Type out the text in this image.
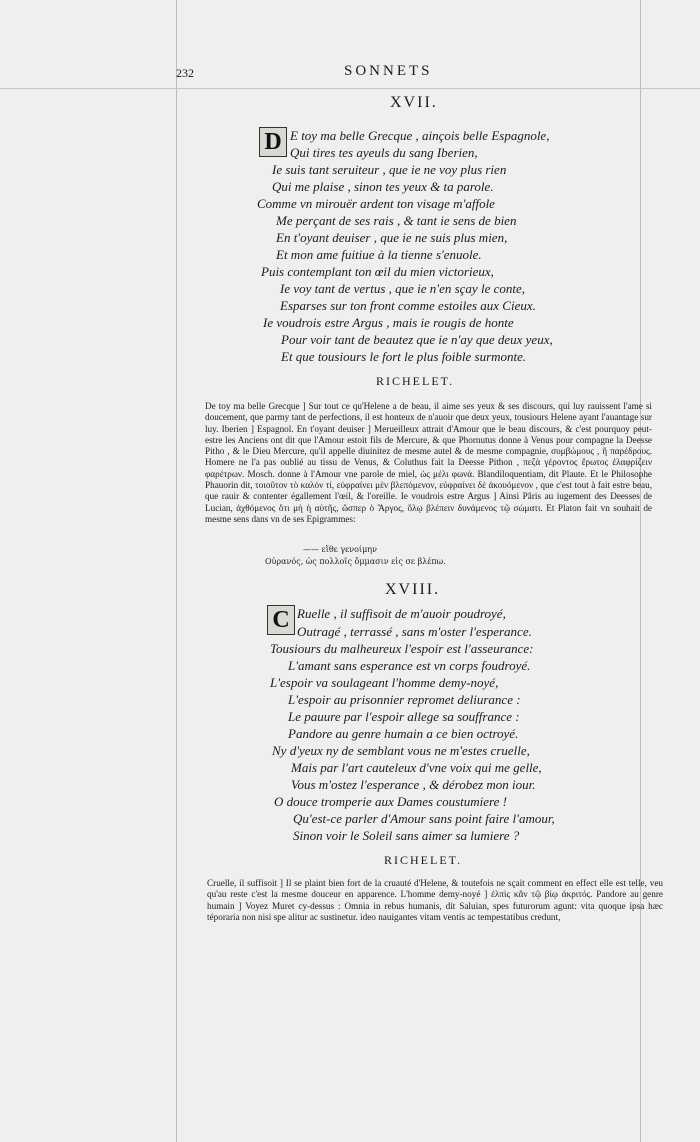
232	SONNETS
XVII.
D E toy ma belle Grecque , ainçois belle Espagnole,
Qui tires tes ayeuls du sang Iberien,
Ie suis tant seruiteur , que ie ne voy plus rien
Qui me plaise , sinon tes yeux & ta parole.
Comme vn mirouër ardent ton visage m'affole
Me perçant de ses rais , & tant ie sens de bien
En t'oyant deuiser , que ie ne suis plus mien,
Et mon ame fuitiue à la tienne s'enuole.
Puis contemplant ton œil du mien victorieux,
Ie voy tant de vertus , que ie n'en sçay le conte,
Esparses sur ton front comme estoiles aux Cieux.
Ie voudrois estre Argus , mais ie rougis de honte
Pour voir tant de beautez que ie n'ay que deux yeux,
Et que tousiours le fort le plus foible surmonte.
RICHELET.

De toy ma belle Grecque ] Sur tout ce qu'Helene a de beau, il aime ses yeux & ses discours, qui luy rauissent l'ame si doucement, que parmy tant de perfections, il est honteux de n'auoir que deux yeux, tousiours Helene ayant l'auantage sur luy. Iberien ] Espagnol. En t'oyant deuiser ] Merueilleux attrait d'Amour que le beau discours, & c'est pourquoy peut-estre les Anciens ont dit que l'Amour estoit fils de Mercure, & que Phornutus donne à Venus pour compagne la Deesse Pitho , & le Dieu Mercure, qu'il appelle diuinitez de mesme autel & de mesme compagnie, συμβώμους , ἢ παρέδρους. Homere ne l'a pas oublié au tissu de Venus, & Coluthus fait la Deesse Pithon , πεζὰ γέροντος ἔρωτος ἐλαφρίζειν φαρέτρων. Mosch. donne à l'Amour vne parole de miel, ὡς μέλι φωνά. Blandiloquentiam, dit Plaute. Et le Philosophe Phauorin dit, τοιοῦτον τὸ καλόν τί, εὐφραίνει μὲν βλεπόμενον, εὐφραίνει δὲ ἀκουόμενον , que c'est tout à fait estre beau, que rauir & contenter égallement l'œil, & l'oreille. Ie voudrois estre Argus ] Ainsi Pâris au iugement des Deesses de Lucian, ἀχθόμενος ὅτι μὴ ἡ αὐτῆς, ὥσπερ ὁ Ἄργος, ὅλῳ βλέπειν δυνάμενος τῷ σώματι. Et Platon fait vn souhait de mesme sens dans vn de ses Epigrammes:

—— εἴθε γενοίμην
Οὐρανός, ὡς πολλοῖς ὄμμασιν εἰς σε βλέπω.
XVIII.
C Ruelle , il suffisoit de m'auoir poudroyé,
Outragé , terrassé , sans m'oster l'esperance.
Tousiours du malheureux l'espoir est l'asseurance:
L'amant sans esperance est vn corps foudroyé.
L'espoir va soulageant l'homme demy-noyé,
L'espoir au prisonnier repromet deliurance :
Le pauure par l'espoir allege sa souffrance :
Pandore au genre humain a ce bien octroyé.
Ny d'yeux ny de semblant vous ne m'estes cruelle,
Mais par l'art cauteleux d'vne voix qui me gelle,
Vous m'ostez l'esperance , & dérobez mon iour.
O douce tromperie aux Dames coustumiere !
Qu'est-ce parler d'Amour sans point faire l'amour,
Sinon voir le Soleil sans aimer sa lumiere ?
RICHELET.

Cruelle, il suffisoit ] Il se plaint bien fort de la cruauté d'Helene, & toutefois ne sçait comment en effect elle est telle, veu qu'au reste c'est la mesme douceur en apparence. L'homme demy-noyé ] ἐλπὶς κἂν τῷ βίῳ ἀκριτός. Pandore au genre humain ] Voyez Muret cy-dessus : Omnia in rebus humanis, dit Saluian, spes futurorum agunt: vita quoque ipsa hæc téporaria non nisi spe alitur ac sustinetur. ideo nauigantes vitam ventis ac tempestatibus credunt,
